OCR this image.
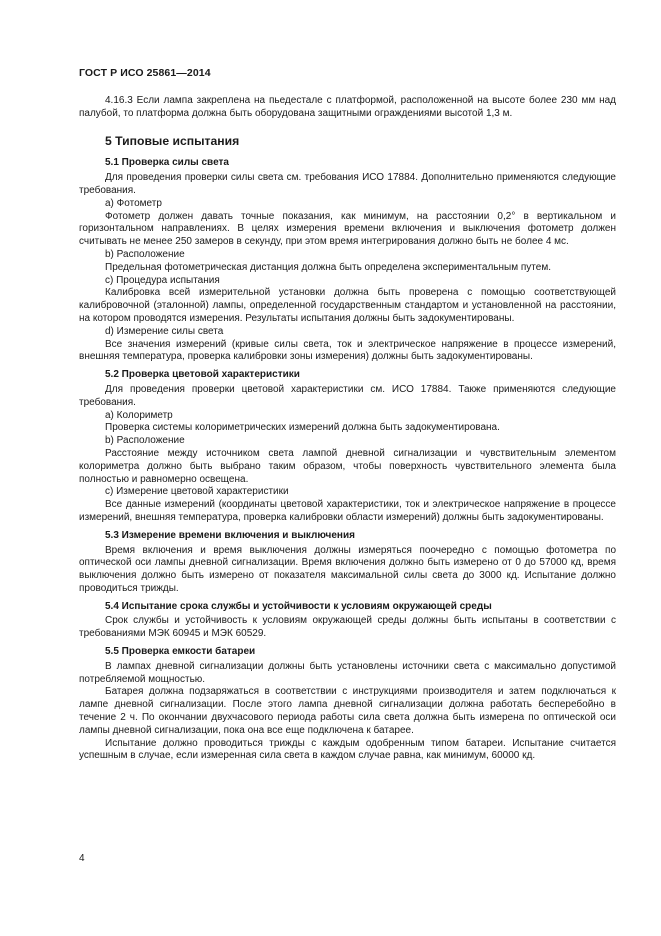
ГОСТ Р ИСО 25861—2014

4.16.3 Если лампа закреплена на пьедестале с платформой, расположенной на высоте более 230 мм над палубой, то платформа должна быть оборудована защитными ограждениями высотой 1,3 м.

5 Типовые испытания
5.1 Проверка силы света

Для проведения проверки силы света см. требования ИСО 17884. Дополнительно применяются следующие требования.

a) Фотометр

Фотометр должен давать точные показания, как минимум, на расстоянии 0,2° в вертикальном и горизонтальном направлениях. В целях измерения времени включения и выключения фотометр должен считывать не менее 250 замеров в секунду, при этом время интегрирования должно быть не более 4 мс.

b) Расположение

Предельная фотометрическая дистанция должна быть определена экспериментальным путем.

c) Процедура испытания

Калибровка всей измерительной установки должна быть проверена с помощью соответствующей калибровочной (эталонной) лампы, определенной государственным стандартом и установленной на расстоянии, на котором проводятся измерения. Результаты испытания должны быть задокументированы.

d) Измерение силы света

Все значения измерений (кривые силы света, ток и электрическое напряжение в процессе измерений, внешняя температура, проверка калибровки зоны измерения) должны быть задокументированы.

5.2 Проверка цветовой характеристики

Для проведения проверки цветовой характеристики см. ИСО 17884. Также применяются следующие требования.

a) Колориметр

Проверка системы колориметрических измерений должна быть задокументирована.

b) Расположение

Расстояние между источником света лампой дневной сигнализации и чувствительным элементом колориметра должно быть выбрано таким образом, чтобы поверхность чувствительного элемента была полностью и равномерно освещена.

c) Измерение цветовой характеристики

Все данные измерений (координаты цветовой характеристики, ток и электрическое напряжение в процессе измерений, внешняя температура, проверка калибровки области измерений) должны быть задокументированы.

5.3 Измерение времени включения и выключения

Время включения и время выключения должны измеряться поочередно с помощью фотометра по оптической оси лампы дневной сигнализации. Время включения должно быть измерено от 0 до 57000 кд, время выключения должно быть измерено от показателя максимальной силы света до 3000 кд. Испытание должно проводиться трижды.

5.4 Испытание срока службы и устойчивости к условиям окружающей среды

Срок службы и устойчивость к условиям окружающей среды должны быть испытаны в соответствии с требованиями МЭК 60945 и МЭК 60529.

5.5 Проверка емкости батареи

В лампах дневной сигнализации должны быть установлены источники света с максимально допустимой потребляемой мощностью.

Батарея должна подзаряжаться в соответствии с инструкциями производителя и затем подключаться к лампе дневной сигнализации. После этого лампа дневной сигнализации должна работать бесперебойно в течение 2 ч. По окончании двухчасового периода работы сила света должна быть измерена по оптической оси лампы дневной сигнализации, пока она все еще подключена к батарее.

Испытание должно проводиться трижды с каждым одобренным типом батареи. Испытание считается успешным в случае, если измеренная сила света в каждом случае равна, как минимум, 60000 кд.

4
